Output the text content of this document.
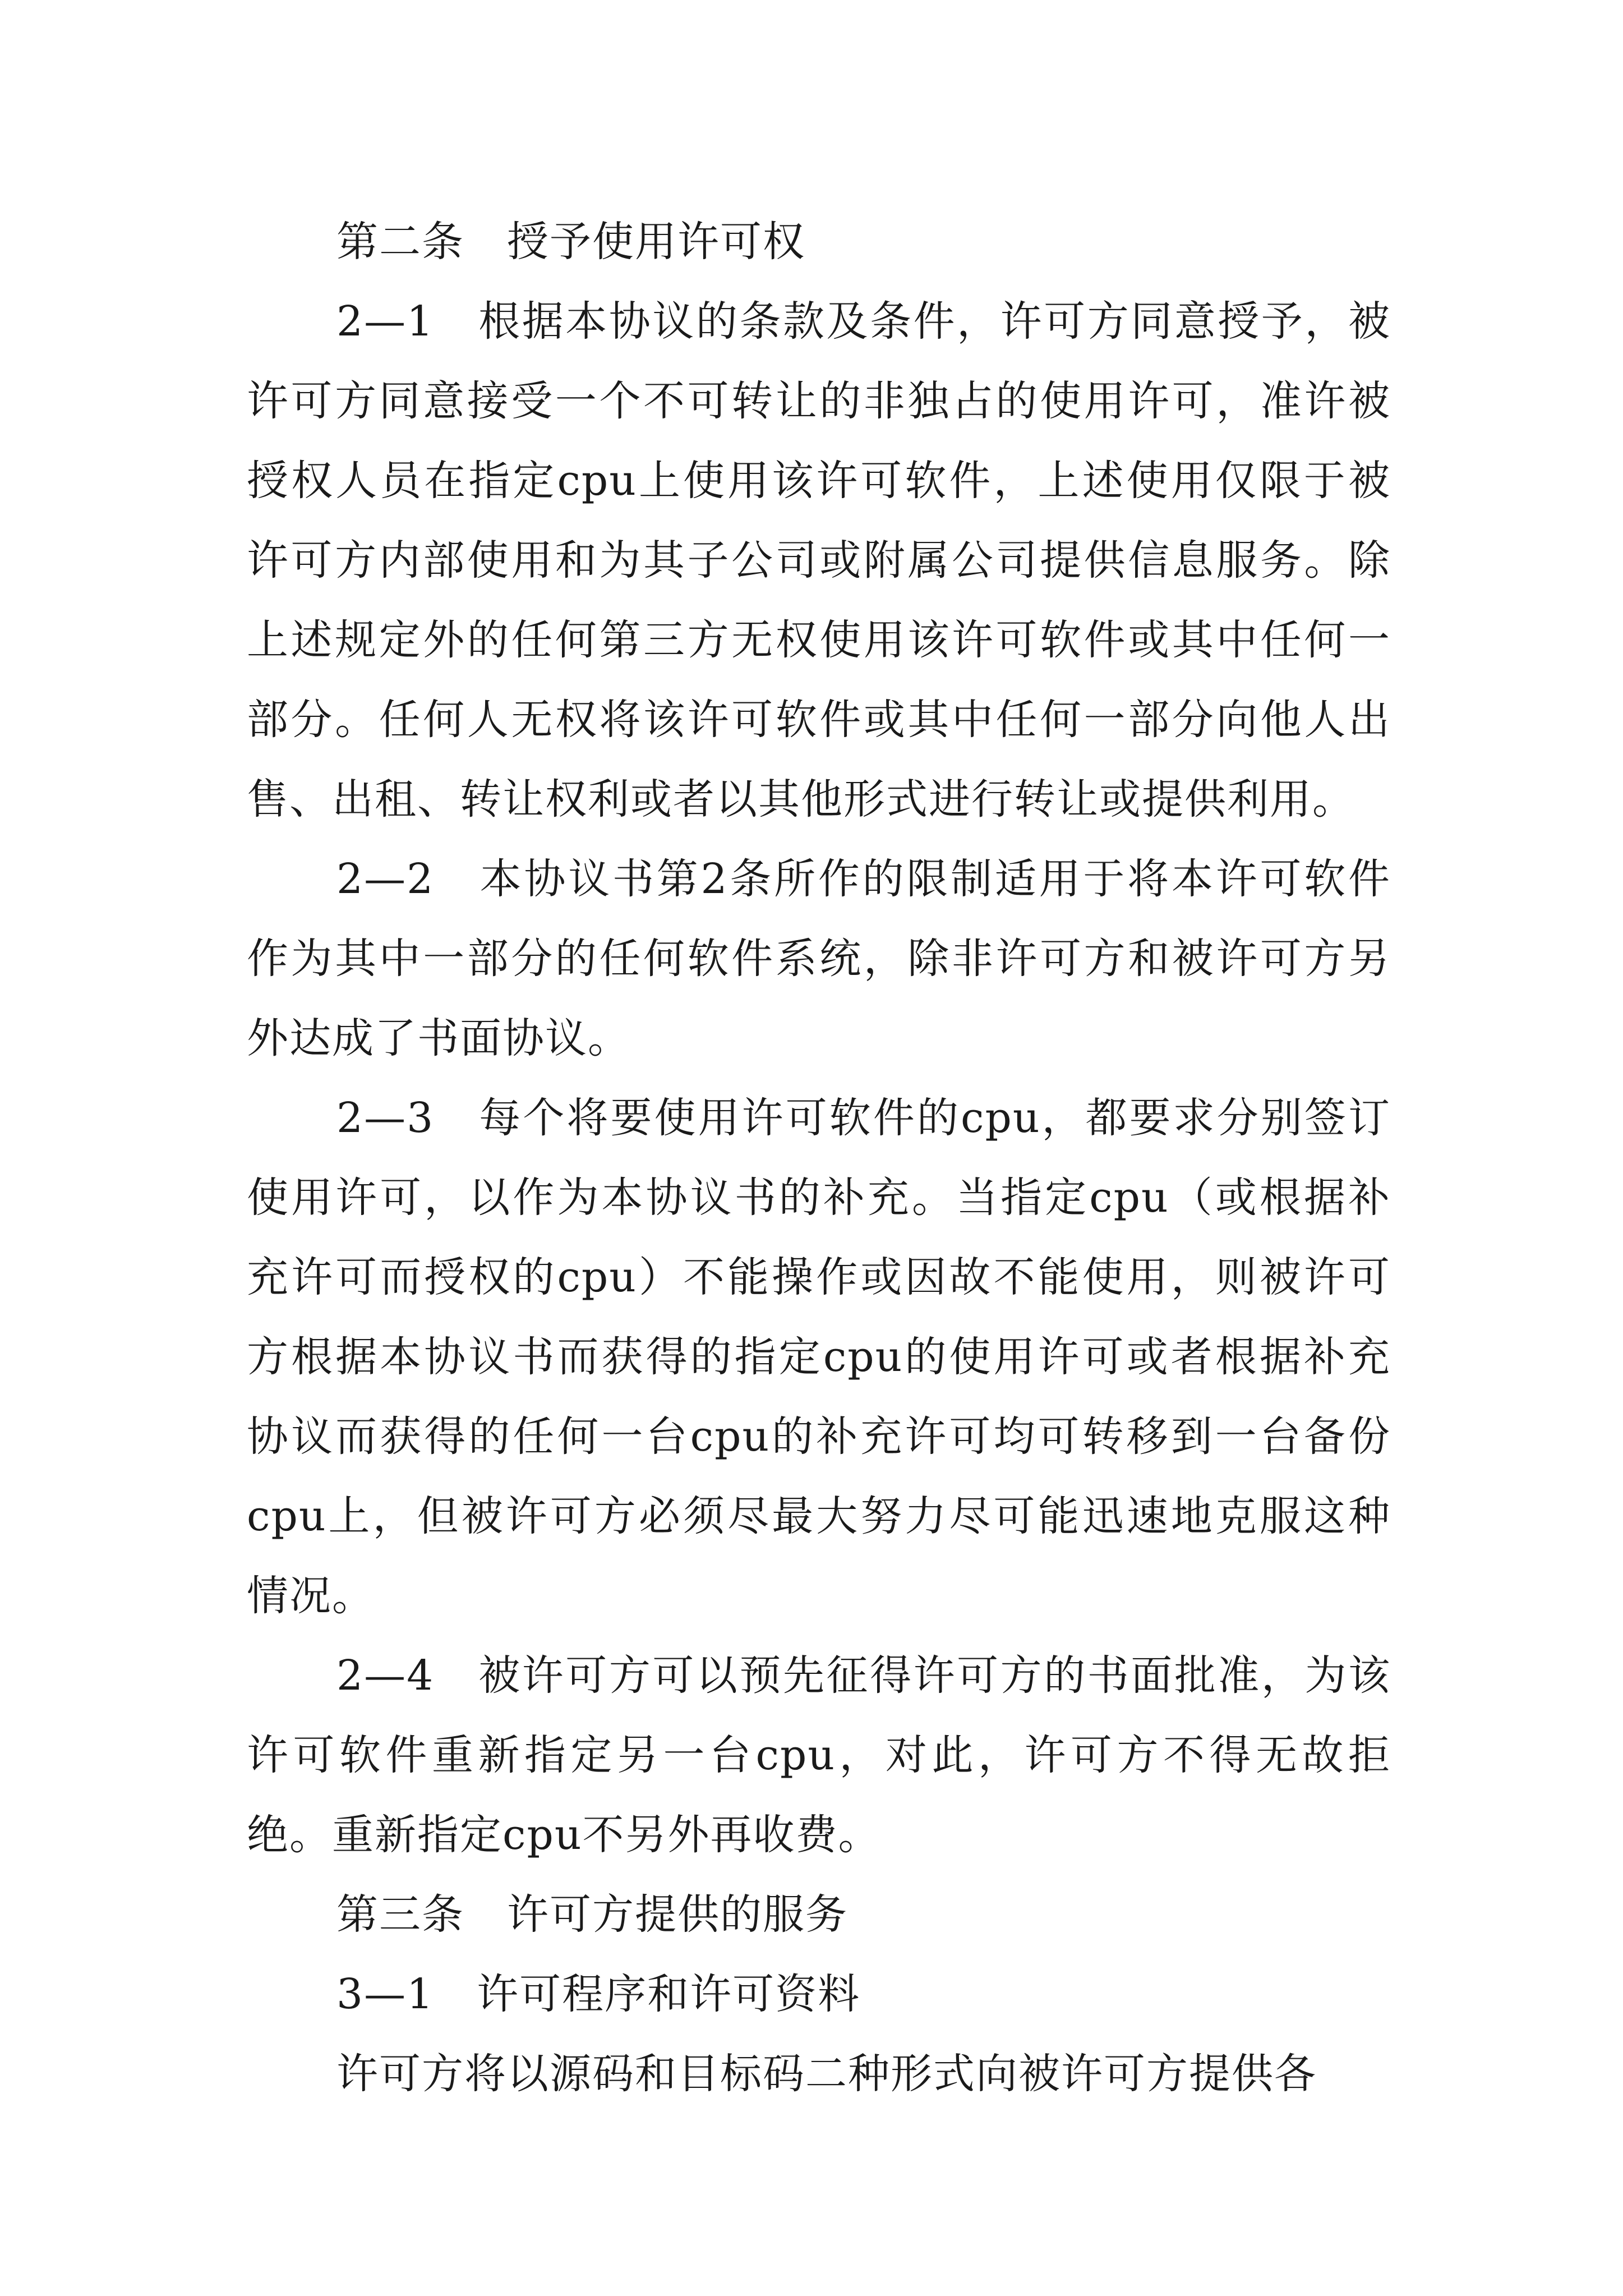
第二条　授予使用许可权

2—1　根据本协议的条款及条件，许可方同意授予，被许可方同意接受一个不可转让的非独占的使用许可，准许被授权人员在指定cpu上使用该许可软件，上述使用仅限于被许可方内部使用和为其子公司或附属公司提供信息服务。除上述规定外的任何第三方无权使用该许可软件或其中任何一部分。任何人无权将该许可软件或其中任何一部分向他人出售、出租、转让权利或者以其他形式进行转让或提供利用。

2—2　本协议书第2条所作的限制适用于将本许可软件作为其中一部分的任何软件系统，除非许可方和被许可方另外达成了书面协议。

2—3　每个将要使用许可软件的cpu，都要求分别签订使用许可，以作为本协议书的补充。当指定cpu（或根据补充许可而授权的cpu）不能操作或因故不能使用，则被许可方根据本协议书而获得的指定cpu的使用许可或者根据补充协议而获得的任何一台cpu的补充许可均可转移到一台备份cpu上，但被许可方必须尽最大努力尽可能迅速地克服这种情况。

2—4　被许可方可以预先征得许可方的书面批准，为该许可软件重新指定另一台cpu，对此，许可方不得无故拒绝。重新指定cpu不另外再收费。

第三条　许可方提供的服务

3—1　许可程序和许可资料

许可方将以源码和目标码二种形式向被许可方提供各
